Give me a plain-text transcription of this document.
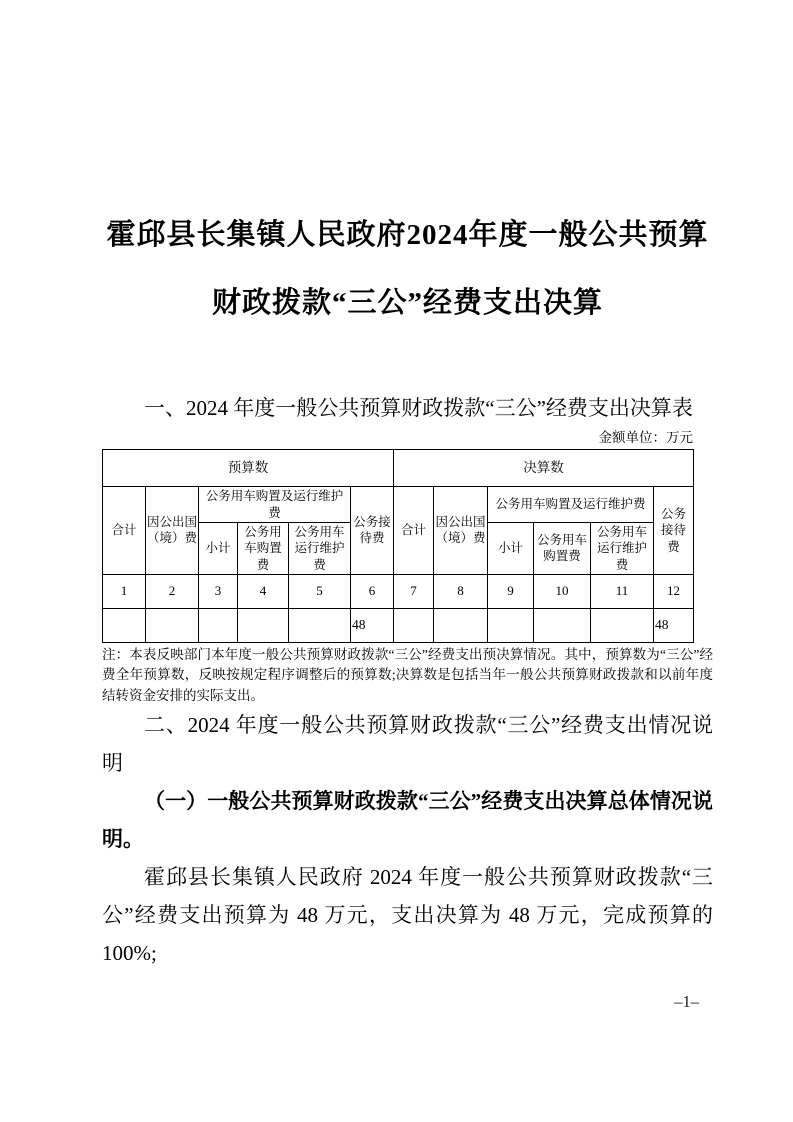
霍邱县长集镇人民政府2024年度一般公共预算
财政拨款“三公”经费支出决算
一、2024 年度一般公共预算财政拨款“三公”经费支出决算表
金额单位：万元
预算数						决算数					
合计	因公出国（境）费	公务用车购置及运行维护费			公务接待费	合计	因公出国（境）费	公务用车购置及运行维护费			公务接待费
		小计	公务用车购置费	公务用车运行维护费				小计	公务用车购置费	公务用车运行维护费	
1	2	3	4	5	6	7	8	9	10	11	12
					48						48
注：本表反映部门本年度一般公共预算财政拨款“三公”经费支出预决算情况。其中，预算数为“三公”经费全年预算数，反映按规定程序调整后的预算数;决算数是包括当年一般公共预算财政拨款和以前年度结转资金安排的实际支出。
二、2024 年度一般公共预算财政拨款“三公”经费支出情况说明
（一）一般公共预算财政拨款“三公”经费支出决算总体情况说明。
霍邱县长集镇人民政府 2024 年度一般公共预算财政拨款“三公”经费支出预算为 48 万元，支出决算为 48 万元，完成预算的 100%;
–1–
